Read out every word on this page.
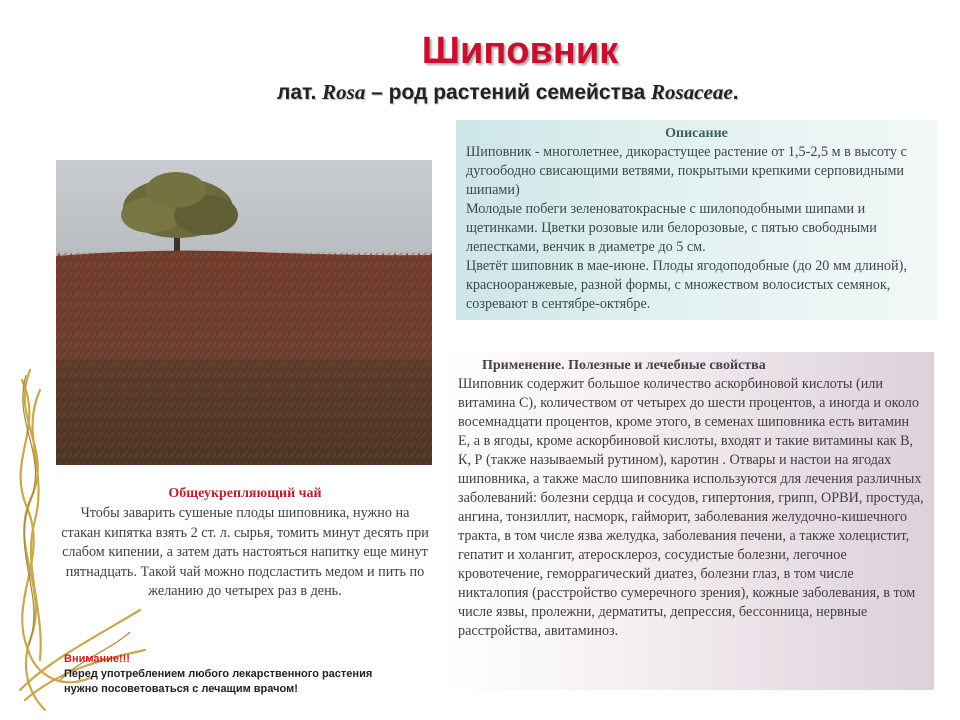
Шиповник
лат. Rosa – род растений семейства Rosaceae.
Описание
Шиповник - многолетнее, дикорастущее растение от 1,5-2,5 м в высоту с дугоободно свисающими ветвями, покрытыми крепкими серповидными шипами)
Молодые побеги зеленоватокрасные с шилоподобными шипами и щетинками. Цветки розовые или белорозовые, с пятью свободными лепестками, венчик в диаметре до 5 см.
Цветёт шиповник в мае-июне. Плоды ягодоподобные (до 20 мм длиной), краснооранжевые, разной формы, с множеством волосистых семянок, созревают в сентябре-октябре.
Применение. Полезные и лечебные свойства
Шиповник содержит большое количество аскорбиновой кислоты (или витамина С), количеством от четырех до шести процентов, а иногда и около восемнадцати процентов, кроме этого, в семенах шиповника есть витамин Е, а в ягоды, кроме аскорбиновой кислоты, входят и такие витамины как В, К, Р (также называемый рутином), каротин . Отвары и настои на ягодах шиповника, а также масло шиповника используются для лечения различных заболеваний: болезни сердца и сосудов, гипертония, грипп, ОРВИ, простуда, ангина, тонзиллит, насморк, гайморит, заболевания желудочно-кишечного тракта, в том числе язва желудка, заболевания печени, а также холецистит, гепатит и холангит, атеросклероз, сосудистые болезни, легочное кровотечение, геморрагический диатез, болезни глаз, в том числе никталопия (расстройство сумеречного зрения), кожные заболевания, в том числе язвы, пролежни, дерматиты, депрессия, бессонница, нервные расстройства, авитаминоз.
Общеукрепляющий чай
Чтобы заварить сушеные плоды шиповника, нужно на стакан кипятка взять 2 ст. л. сырья, томить минут десять при слабом кипении, а затем дать настояться напитку еще минут пятнадцать. Такой чай можно подсластить медом и пить по желанию до четырех раз в день.
Внимание!!!
Перед употреблением любого лекарственного растения
нужно посоветоваться с лечащим врачом!
